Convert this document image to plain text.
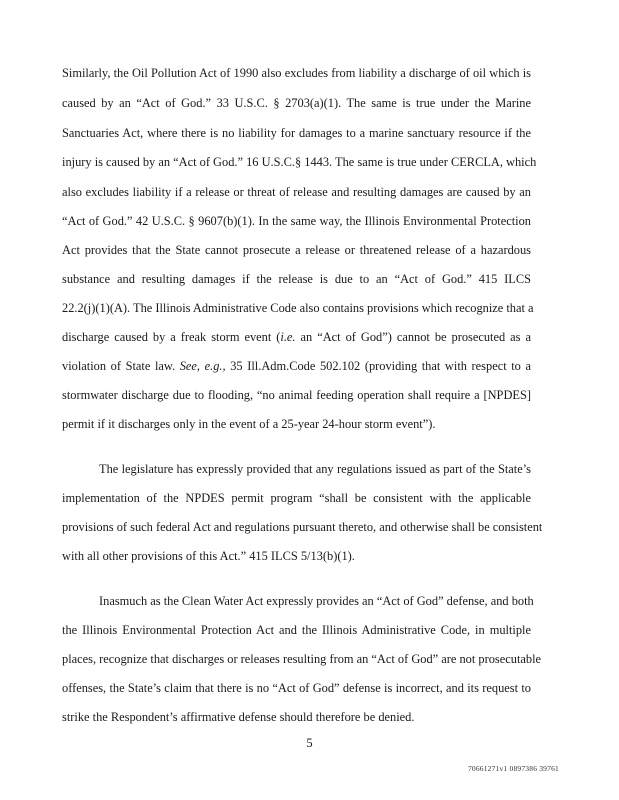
Similarly, the Oil Pollution Act of 1990 also excludes from liability a discharge of oil which is
caused by an “Act of God.” 33 U.S.C. § 2703(a)(1). The same is true under the Marine
Sanctuaries Act, where there is no liability for damages to a marine sanctuary resource if the
injury is caused by an “Act of God.” 16 U.S.C.§ 1443. The same is true under CERCLA, which
also excludes liability if a release or threat of release and resulting damages are caused by an
“Act of God.” 42 U.S.C. § 9607(b)(1). In the same way, the Illinois Environmental Protection
Act provides that the State cannot prosecute a release or threatened release of a hazardous
substance and resulting damages if the release is due to an “Act of God.” 415 ILCS
22.2(j)(1)(A). The Illinois Administrative Code also contains provisions which recognize that a
discharge caused by a freak storm event (i.e. an “Act of God”) cannot be prosecuted as a
violation of State law. See, e.g., 35 Ill.Adm.Code 502.102 (providing that with respect to a
stormwater discharge due to flooding, “no animal feeding operation shall require a [NPDES]
permit if it discharges only in the event of a 25-year 24-hour storm event”).
The legislature has expressly provided that any regulations issued as part of the State’s
implementation of the NPDES permit program “shall be consistent with the applicable
provisions of such federal Act and regulations pursuant thereto, and otherwise shall be consistent
with all other provisions of this Act.” 415 ILCS 5/13(b)(1).
Inasmuch as the Clean Water Act expressly provides an “Act of God” defense, and both
the Illinois Environmental Protection Act and the Illinois Administrative Code, in multiple
places, recognize that discharges or releases resulting from an “Act of God” are not prosecutable
offenses, the State’s claim that there is no “Act of God” defense is incorrect, and its request to
strike the Respondent’s affirmative defense should therefore be denied.
5
70661271v1 0897386 39761
